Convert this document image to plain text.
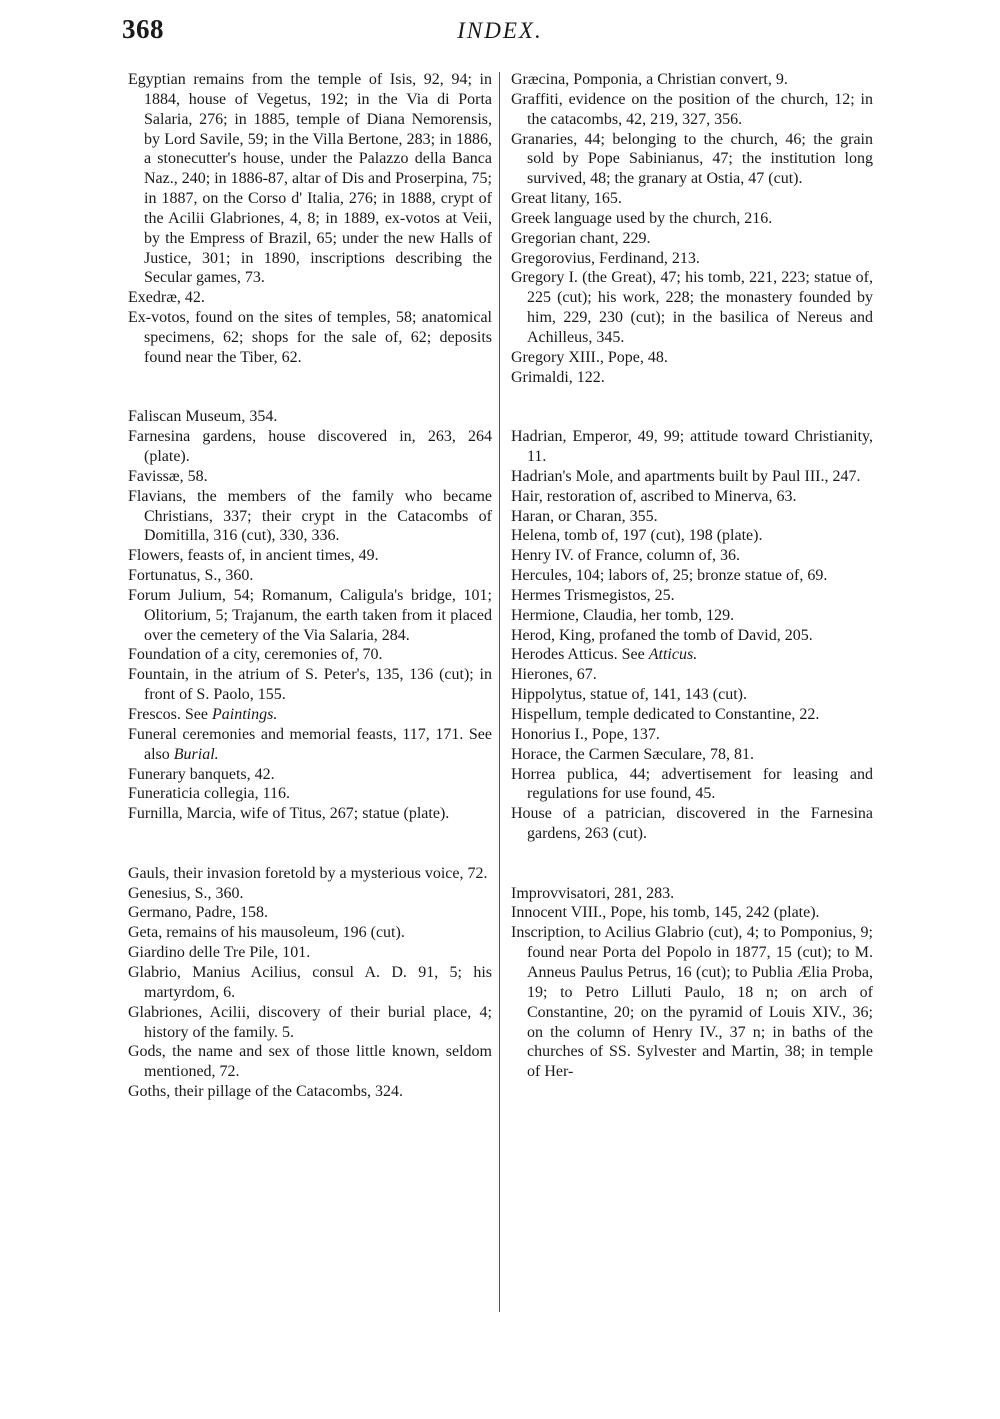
368	INDEX.

Egyptian remains from the temple of Isis, 92, 94; in 1884, house of Vegetus, 192; in the Via di Porta Salaria, 276; in 1885, temple of Diana Nemorensis, by Lord Savile, 59; in the Villa Bertone, 283; in 1886, a stonecutter's house, under the Palazzo della Banca Naz., 240; in 1886-87, altar of Dis and Proserpina, 75; in 1887, on the Corso d' Italia, 276; in 1888, crypt of the Acilii Glabriones, 4, 8; in 1889, ex-votos at Veii, by the Empress of Brazil, 65; under the new Halls of Justice, 301; in 1890, inscriptions describing the Secular games, 73.

Exedræ, 42.

Ex-votos, found on the sites of temples, 58; anatomical specimens, 62; shops for the sale of, 62; deposits found near the Tiber, 62.

Faliscan Museum, 354.

Farnesina gardens, house discovered in, 263, 264 (plate).

Favissæ, 58.

Flavians, the members of the family who became Christians, 337; their crypt in the Catacombs of Domitilla, 316 (cut), 330, 336.

Flowers, feasts of, in ancient times, 49.

Fortunatus, S., 360.

Forum Julium, 54; Romanum, Caligula's bridge, 101; Olitorium, 5; Trajanum, the earth taken from it placed over the cemetery of the Via Salaria, 284.

Foundation of a city, ceremonies of, 70.

Fountain, in the atrium of S. Peter's, 135, 136 (cut); in front of S. Paolo, 155.

Frescos. See Paintings.

Funeral ceremonies and memorial feasts, 117, 171. See also Burial.

Funerary banquets, 42.

Funeraticia collegia, 116.

Furnilla, Marcia, wife of Titus, 267; statue (plate).

Gauls, their invasion foretold by a mysterious voice, 72.

Genesius, S., 360.

Germano, Padre, 158.

Geta, remains of his mausoleum, 196 (cut).

Giardino delle Tre Pile, 101.

Glabrio, Manius Acilius, consul A. D. 91, 5; his martyrdom, 6.

Glabriones, Acilii, discovery of their burial place, 4; history of the family. 5.

Gods, the name and sex of those little known, seldom mentioned, 72.

Goths, their pillage of the Catacombs, 324.

Græcina, Pomponia, a Christian convert, 9.

Graffiti, evidence on the position of the church, 12; in the catacombs, 42, 219, 327, 356.

Granaries, 44; belonging to the church, 46; the grain sold by Pope Sabinianus, 47; the institution long survived, 48; the granary at Ostia, 47 (cut).

Great litany, 165.

Greek language used by the church, 216.

Gregorian chant, 229.

Gregorovius, Ferdinand, 213.

Gregory I. (the Great), 47; his tomb, 221, 223; statue of, 225 (cut); his work, 228; the monastery founded by him, 229, 230 (cut); in the basilica of Nereus and Achilleus, 345.

Gregory XIII., Pope, 48.

Grimaldi, 122.

Hadrian, Emperor, 49, 99; attitude toward Christianity, 11.

Hadrian's Mole, and apartments built by Paul III., 247.

Hair, restoration of, ascribed to Minerva, 63.

Haran, or Charan, 355.

Helena, tomb of, 197 (cut), 198 (plate).

Henry IV. of France, column of, 36.

Hercules, 104; labors of, 25; bronze statue of, 69.

Hermes Trismegistos, 25.

Hermione, Claudia, her tomb, 129.

Herod, King, profaned the tomb of David, 205.

Herodes Atticus. See Atticus.

Hierones, 67.

Hippolytus, statue of, 141, 143 (cut).

Hispellum, temple dedicated to Constantine, 22.

Honorius I., Pope, 137.

Horace, the Carmen Sæculare, 78, 81.

Horrea publica, 44; advertisement for leasing and regulations for use found, 45.

House of a patrician, discovered in the Farnesina gardens, 263 (cut).

Improvvisatori, 281, 283.

Innocent VIII., Pope, his tomb, 145, 242 (plate).

Inscription, to Acilius Glabrio (cut), 4; to Pomponius, 9; found near Porta del Popolo in 1877, 15 (cut); to M. Anneus Paulus Petrus, 16 (cut); to Publia Ælia Proba, 19; to Petro Lilluti Paulo, 18 n; on arch of Constantine, 20; on the pyramid of Louis XIV., 36; on the column of Henry IV., 37 n; in baths of the churches of SS. Sylvester and Martin, 38; in temple of Her-
